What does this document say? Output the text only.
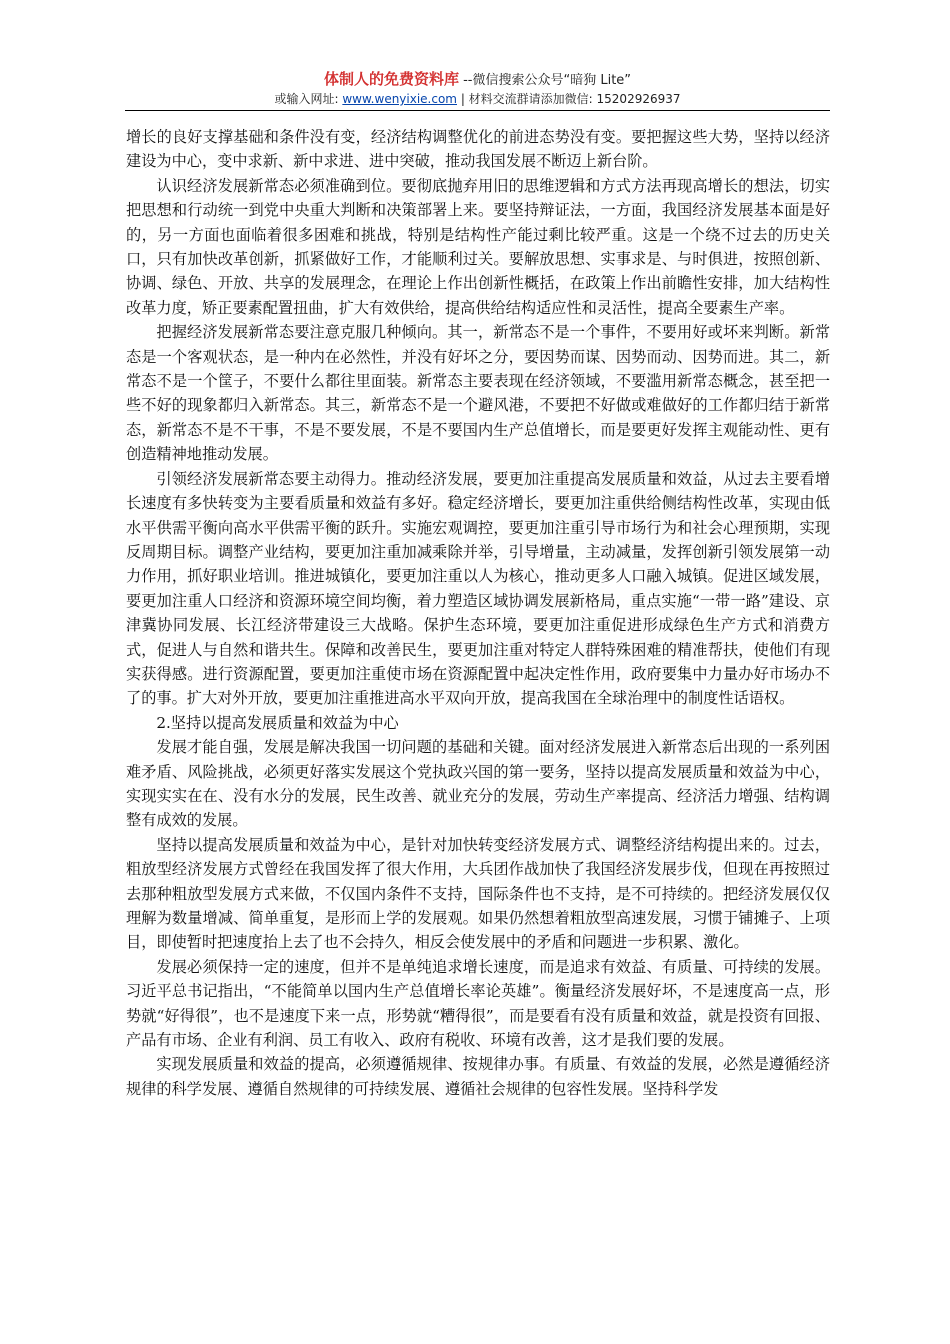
体制人的免费资料库 --微信搜索公众号“暗狗 Lite”
或输入网址: www.wenyixie.com | 材料交流群请添加微信: 15202926937

增长的良好支撑基础和条件没有变，经济结构调整优化的前进态势没有变。要把握这些大势，坚持以经济建设为中心，变中求新、新中求进、进中突破，推动我国发展不断迈上新台阶。

认识经济发展新常态必须准确到位。要彻底抛弃用旧的思维逻辑和方式方法再现高增长的想法，切实把思想和行动统一到党中央重大判断和决策部署上来。要坚持辩证法，一方面，我国经济发展基本面是好的，另一方面也面临着很多困难和挑战，特别是结构性产能过剩比较严重。这是一个绕不过去的历史关口，只有加快改革创新，抓紧做好工作，才能顺利过关。要解放思想、实事求是、与时俱进，按照创新、协调、绿色、开放、共享的发展理念，在理论上作出创新性概括，在政策上作出前瞻性安排，加大结构性改革力度，矫正要素配置扭曲，扩大有效供给，提高供给结构适应性和灵活性，提高全要素生产率。

把握经济发展新常态要注意克服几种倾向。其一，新常态不是一个事件，不要用好或坏来判断。新常态是一个客观状态，是一种内在必然性，并没有好坏之分，要因势而谋、因势而动、因势而进。其二，新常态不是一个筐子，不要什么都往里面装。新常态主要表现在经济领域，不要滥用新常态概念，甚至把一些不好的现象都归入新常态。其三，新常态不是一个避风港，不要把不好做或难做好的工作都归结于新常态，新常态不是不干事，不是不要发展，不是不要国内生产总值增长，而是要更好发挥主观能动性、更有创造精神地推动发展。

引领经济发展新常态要主动得力。推动经济发展，要更加注重提高发展质量和效益，从过去主要看增长速度有多快转变为主要看质量和效益有多好。稳定经济增长，要更加注重供给侧结构性改革，实现由低水平供需平衡向高水平供需平衡的跃升。实施宏观调控，要更加注重引导市场行为和社会心理预期，实现反周期目标。调整产业结构，要更加注重加减乘除并举，引导增量，主动减量，发挥创新引领发展第一动力作用，抓好职业培训。推进城镇化，要更加注重以人为核心，推动更多人口融入城镇。促进区域发展，要更加注重人口经济和资源环境空间均衡，着力塑造区域协调发展新格局，重点实施“一带一路”建设、京津冀协同发展、长江经济带建设三大战略。保护生态环境，要更加注重促进形成绿色生产方式和消费方式，促进人与自然和谐共生。保障和改善民生，要更加注重对特定人群特殊困难的精准帮扶，使他们有现实获得感。进行资源配置，要更加注重使市场在资源配置中起决定性作用，政府要集中力量办好市场办不了的事。扩大对外开放，要更加注重推进高水平双向开放，提高我国在全球治理中的制度性话语权。

2.坚持以提高发展质量和效益为中心

发展才能自强，发展是解决我国一切问题的基础和关键。面对经济发展进入新常态后出现的一系列困难矛盾、风险挑战，必须更好落实发展这个党执政兴国的第一要务，坚持以提高发展质量和效益为中心，实现实实在在、没有水分的发展，民生改善、就业充分的发展，劳动生产率提高、经济活力增强、结构调整有成效的发展。

坚持以提高发展质量和效益为中心，是针对加快转变经济发展方式、调整经济结构提出来的。过去，粗放型经济发展方式曾经在我国发挥了很大作用，大兵团作战加快了我国经济发展步伐，但现在再按照过去那种粗放型发展方式来做，不仅国内条件不支持，国际条件也不支持，是不可持续的。把经济发展仅仅理解为数量增减、简单重复，是形而上学的发展观。如果仍然想着粗放型高速发展，习惯于铺摊子、上项目，即使暂时把速度抬上去了也不会持久，相反会使发展中的矛盾和问题进一步积累、激化。

发展必须保持一定的速度，但并不是单纯追求增长速度，而是追求有效益、有质量、可持续的发展。习近平总书记指出，“不能简单以国内生产总值增长率论英雄”。衡量经济发展好坏，不是速度高一点，形势就“好得很”，也不是速度下来一点，形势就“糟得很”，而是要看有没有质量和效益，就是投资有回报、产品有市场、企业有利润、员工有收入、政府有税收、环境有改善，这才是我们要的发展。

实现发展质量和效益的提高，必须遵循规律、按规律办事。有质量、有效益的发展，必然是遵循经济规律的科学发展、遵循自然规律的可持续发展、遵循社会规律的包容性发展。坚持科学发
